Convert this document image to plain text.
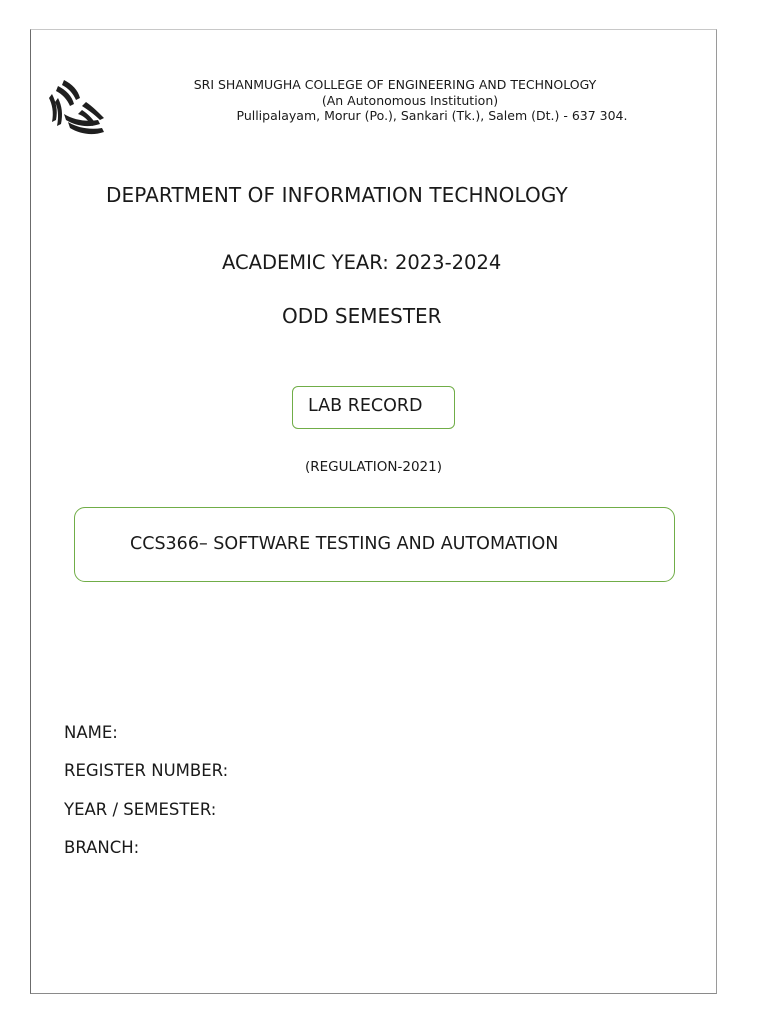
SRI SHANMUGHA COLLEGE OF ENGINEERING AND TECHNOLOGY
(An Autonomous Institution)
Pullipalayam, Morur (Po.), Sankari (Tk.), Salem (Dt.) - 637 304.
DEPARTMENT OF INFORMATION TECHNOLOGY
ACADEMIC YEAR: 2023-2024
ODD SEMESTER
LAB RECORD
(REGULATION-2021)
CCS366– SOFTWARE TESTING AND AUTOMATION
NAME:
REGISTER NUMBER:
YEAR / SEMESTER:
BRANCH:
